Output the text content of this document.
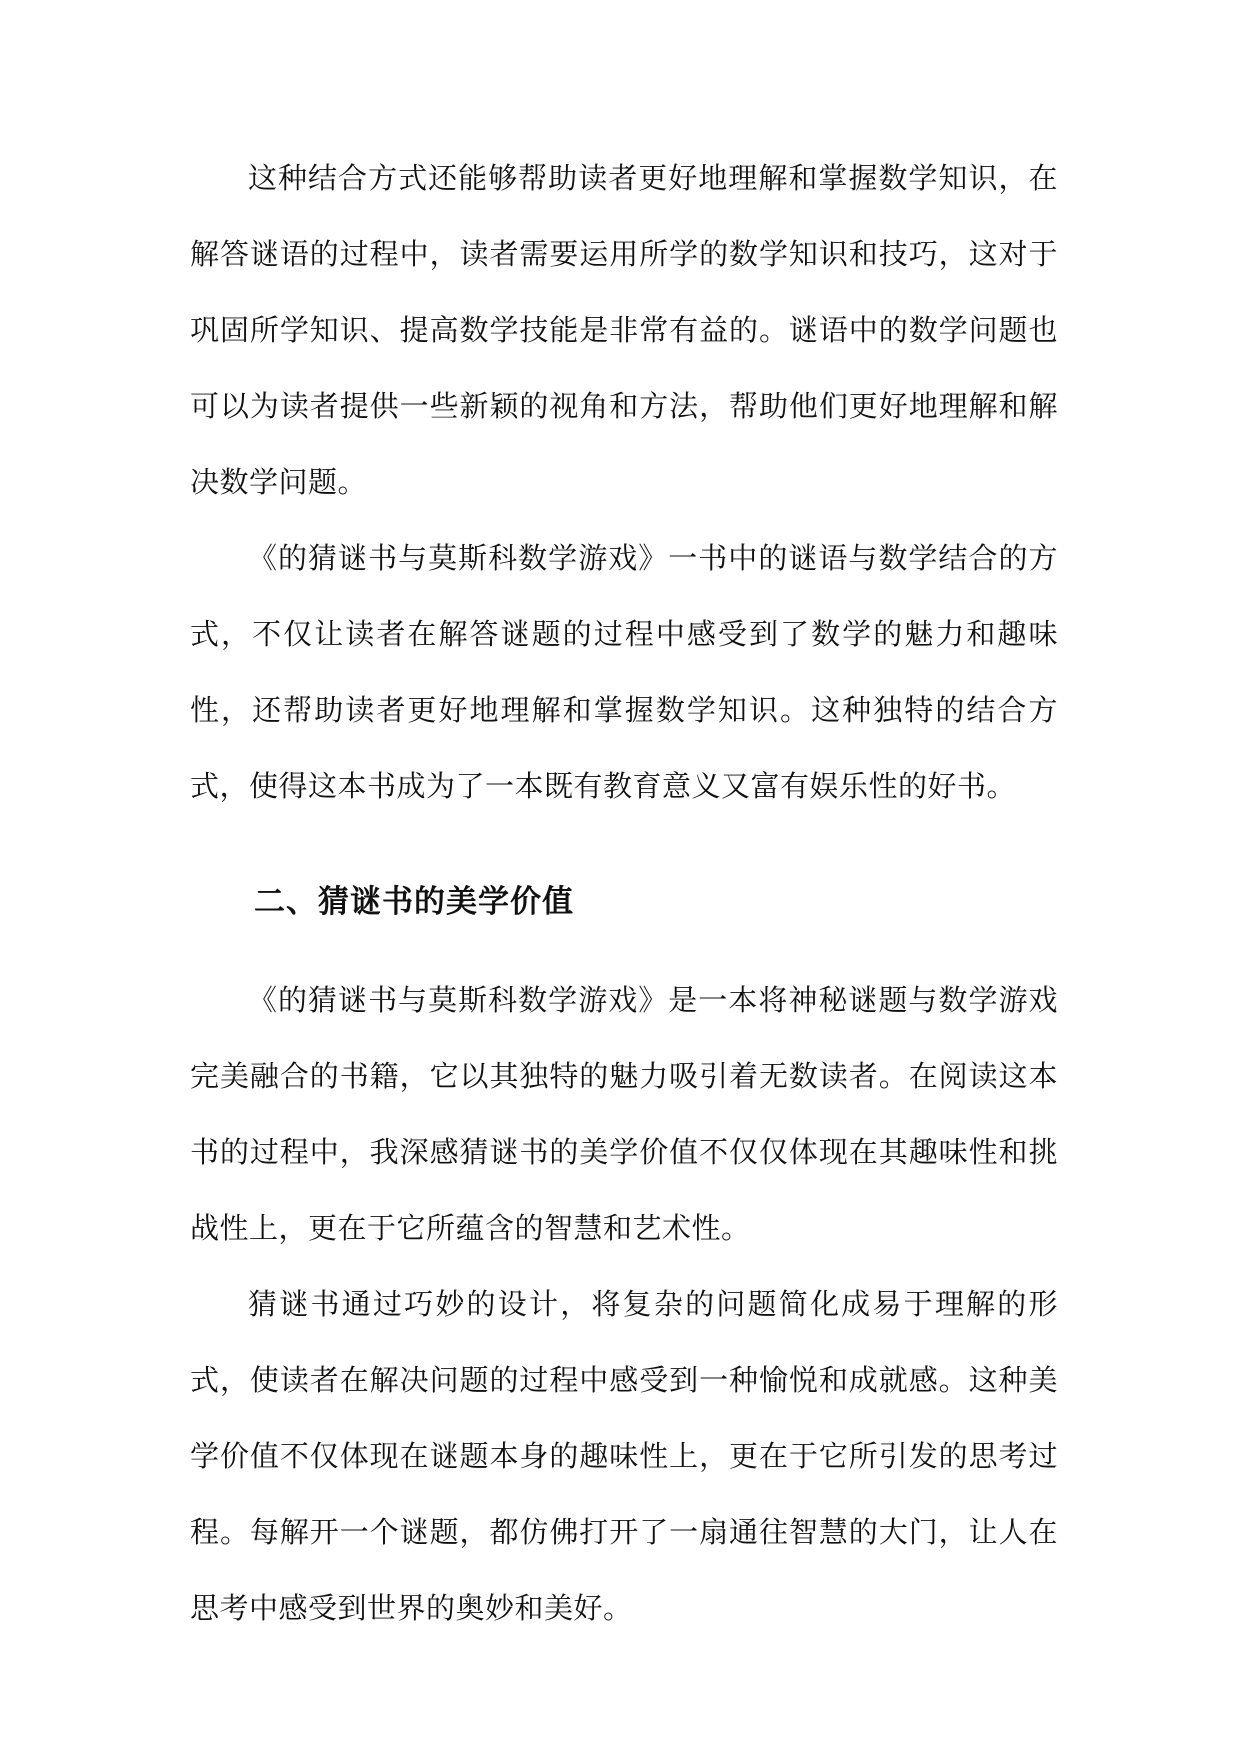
这种结合方式还能够帮助读者更好地理解和掌握数学知识，在解答谜语的过程中，读者需要运用所学的数学知识和技巧，这对于巩固所学知识、提高数学技能是非常有益的。谜语中的数学问题也可以为读者提供一些新颖的视角和方法，帮助他们更好地理解和解决数学问题。

《的猜谜书与莫斯科数学游戏》一书中的谜语与数学结合的方式，不仅让读者在解答谜题的过程中感受到了数学的魅力和趣味性，还帮助读者更好地理解和掌握数学知识。这种独特的结合方式，使得这本书成为了一本既有教育意义又富有娱乐性的好书。

二、猜谜书的美学价值

《的猜谜书与莫斯科数学游戏》是一本将神秘谜题与数学游戏完美融合的书籍，它以其独特的魅力吸引着无数读者。在阅读这本书的过程中，我深感猜谜书的美学价值不仅仅体现在其趣味性和挑战性上，更在于它所蕴含的智慧和艺术性。

猜谜书通过巧妙的设计，将复杂的问题简化成易于理解的形式，使读者在解决问题的过程中感受到一种愉悦和成就感。这种美学价值不仅体现在谜题本身的趣味性上，更在于它所引发的思考过程。每解开一个谜题，都仿佛打开了一扇通往智慧的大门，让人在思考中感受到世界的奥妙和美好。
